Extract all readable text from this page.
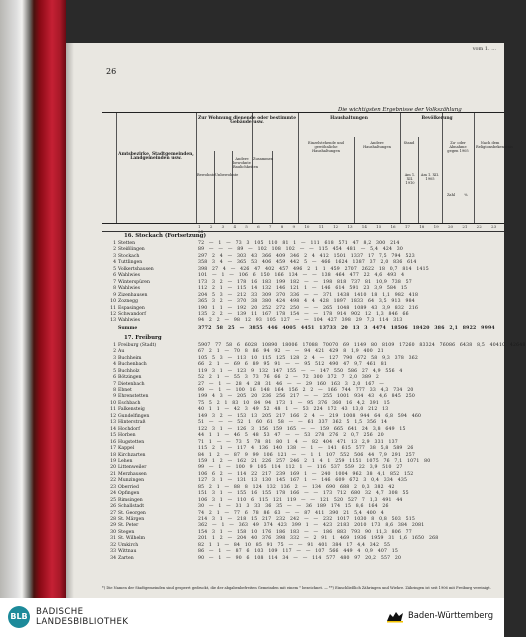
vom 1. ...
26
Die wichtigsten Ergebnisse der Volkszählung
Amtsbezirke, Stadtgemeinden, Landgemeinden usw.
Zur Wohnung dienende oder bestimmte Gebäude usw.
Bewohnte Unbewohnte
Andere bewohnte Baulichkeiten
Zusammen
Haushaltungen
Einzelstehende und gewöhnliche Haushaltungen
Andere Haushaltungen
Bevölkerung
Stand
Am 1. XII. 1910
Am 1. XII. 1905
Zu- oder Abnahme gegen 1905
Zahl	%
Nach dem Religionsbekenntnis
1 2 3 4 5 6 7 8 9 10 11 12 13 14 15 16 17 18 19 20 21 22 23 24
16. Stockach (Fortsetzung)
1 Stetten	72 — 1 — 73 3 105 110 81 1 — 111 618 571 47 8,2 300 214
2 Steißlingen	89 — — — 89 — 102 108 102 — — 115 454 481 — 5,4 424 30
3 Stockach	297 2 4 — 303 43 366 409 346 2 4 412 1501 1337 17 7,5 794 523
4 Tuttlingen	358 3 4 — 365 53 406 459 442 5 — 466 1624 1387 37 2,0 836 614
5 Volkertshausen	398 27 4 — 426 47 402 457 496 2 1 1 459 2707 2622 18 0,7 814 1415
6 Wahlwies	101 — 1 — 106 6 150 166 134 — — 138 464 477 22 4,6 493 4
7 Winterspüren	173 3 2 — 178 16 183 199 182 — — 198 818 737 81 10,9 738 57
8 Wahlwies	112 2 1 — 115 14 132 146 121 1 — 146 614 591 23 3,9 584 15
9 Zizenhausen	204 5 3 — 212 33 309 370 336 — — 371 1438 1410 18 1,1 982 418
10 Zoznegg	365 3 2 — 370 38 380 424 498 4 4 428 1897 1833 64 3,5 913 984
11 Espasingen	190 1 1 — 192 20 252 272 250 — — 265 1048 1089 43 3,9 832 216
12 Schwandorf	135 2 2 — 139 11 167 178 154 — — 178 914 902 12 1,3 846 66
13 Wahlwies	94 2 2 — 98 12 93 105 127 — — 104 427 398 29 7,3 114 313
Summe	3772 58 25 — 3855 446 4005 4451 13733 20 13 3 4474 18506 18420 386 2,1 8922 9994
17. Freiburg
1 Freiburg (Stadt)	5907 77 58 6 6028 10890 18006 17088 70070 69 1149 80 8109 17260 83324 76086 6438 8,5 40410 42648
2 Au	67 2 1 — 70 8 86 94 92 — — 94 421 429 8 1,9 400 21
3 Buchheim	105 5 3 — 113 10 115 125 128 2 4 — 127 790 672 58 9,3 378 362
4 Buchenbach	66 2 1 — 69 6 89 95 91 — — 95 512 490 47 9,7 461 81
5 Buchholz	119 3 1 — 123 9 132 147 155 — — 147 550 586 27 4,9 556 4
6 Bötzingen	52 2 1 — 55 3 73 76 66 2 — 72 300 372 7 2,0 389 2
7 Dietenbach	27 — 1 — 28 4 28 31 46 — — 29 160 163 3 2,0 167 —
8 Ebnet	99 — 1 — 100 16 148 164 156 2 2 — 166 744 777 33 4,3 734 20
9 Ehrenstetten	199 4 3 — 205 20 236 256 217 — — 255 1001 934 43 4,6 845 250
10 Eschbach	75 5 2 1 83 10 84 94 173 1 — 95 376 360 16 4,2 391 15
11 Falkensteig	40 1 1 — 42 3 49 52 48 1 — 53 224 172 43 13,0 212 13
12 Gundelfingen	149 3 2 — 153 13 205 217 166 2 4 — 219 1008 944 64 6,8 594 460
13 Hinterstraß	51 — — — 52 1 60 61 58 — — 61 337 362 5 1,5 356 14
14 Hochdorf	122 3 1 — 126 3 156 159 165 — — 159 665 641 24 3,8 649 15
15 Horben	44 1 1 — 46 5 48 53 47 — — 53 278 276 2 0,7 256 20
16 Hugstetten	71 1 — — 73 5 78 81 80 1 4 — 82 404 471 13 2,9 331 137
17 Kappel	115 2 1 — 117 4 136 140 138 — 1 — 141 615 577 38 5,8 589 26
18 Kirchzarten	84 1 2 — 87 9 99 106 121 — — 1 1 107 552 506 44 7,9 291 257
19 Lehen	159 1 2 — 162 21 226 257 246 2 1 4 1 259 1151 1075 76 7,1 1071 80
20 Littenweiler	99 — 1 — 100 9 105 114 112 1 — 116 537 559 22 3,9 510 27
21 Merzhausen	106 6 2 — 114 22 217 239 169 1 — 240 1004 962 38 4,1 852 152
22 Munzingen	127 3 1 — 131 13 130 145 167 1 — 146 609 672 3 0,4 334 435
23 Oberried	85 2 1 — 88 8 124 132 136 2 — 134 690 688 2 0,3 382 42
24 Opfingen	151 3 1 — 155 16 155 178 166 — — 173 712 680 32 4,7 308 55
25 Rimsingen	106 3 1 — 110 6 115 121 119 — — 121 520 527 7 1,3 491 44
26 Schallstadt	30 — 1 — 31 3 33 36 35 — — 36 189 174 15 8,6 164 26
27 St. Georgen	74 2 1 — 77 6 78 86 63 — — 87 411 390 21 5,4 400 4
28 St. Märgen	214 3 1 — 218 15 217 232 242 — — 232 1017 1030 8 0,8 503 515
29 St. Peter	362 — 1 — 363 49 374 423 399 1 — 423 2183 2010 173 8,6 384 2081
30 Stegen	154 3 1 — 158 10 176 186 183 — — 186 883 793 90 11,3 806 77
31 St. Wilhelm	201 1 2 — 204 40 376 398 332 — 2 91 1 469 1936 1959 31 1,6 1650 268
32 Umkirch	82 1 1 — 84 10 85 91 75 — — 91 401 384 17 4,4 342 55
33 Wittnau	86 — 1 — 87 6 103 109 117 — — 107 566 449 4 0,9 407 15
34 Zarten	90 — 1 — 90 6 108 114 34 — — 114 577 480 97 20,2 557 20
*) Die Namen der Stadtgemeinden sind gesperrt gedruckt, die der abgabenbefreiten Gemeinden mit einem ° bezeichnet. — **) Einschließlich Zähringen und Wiehre. Zähringen ist seit 1906 mit Freiburg vereinigt.
BLB BADISCHE
LANDESBIBLIOTHEK
Baden-Württemberg
